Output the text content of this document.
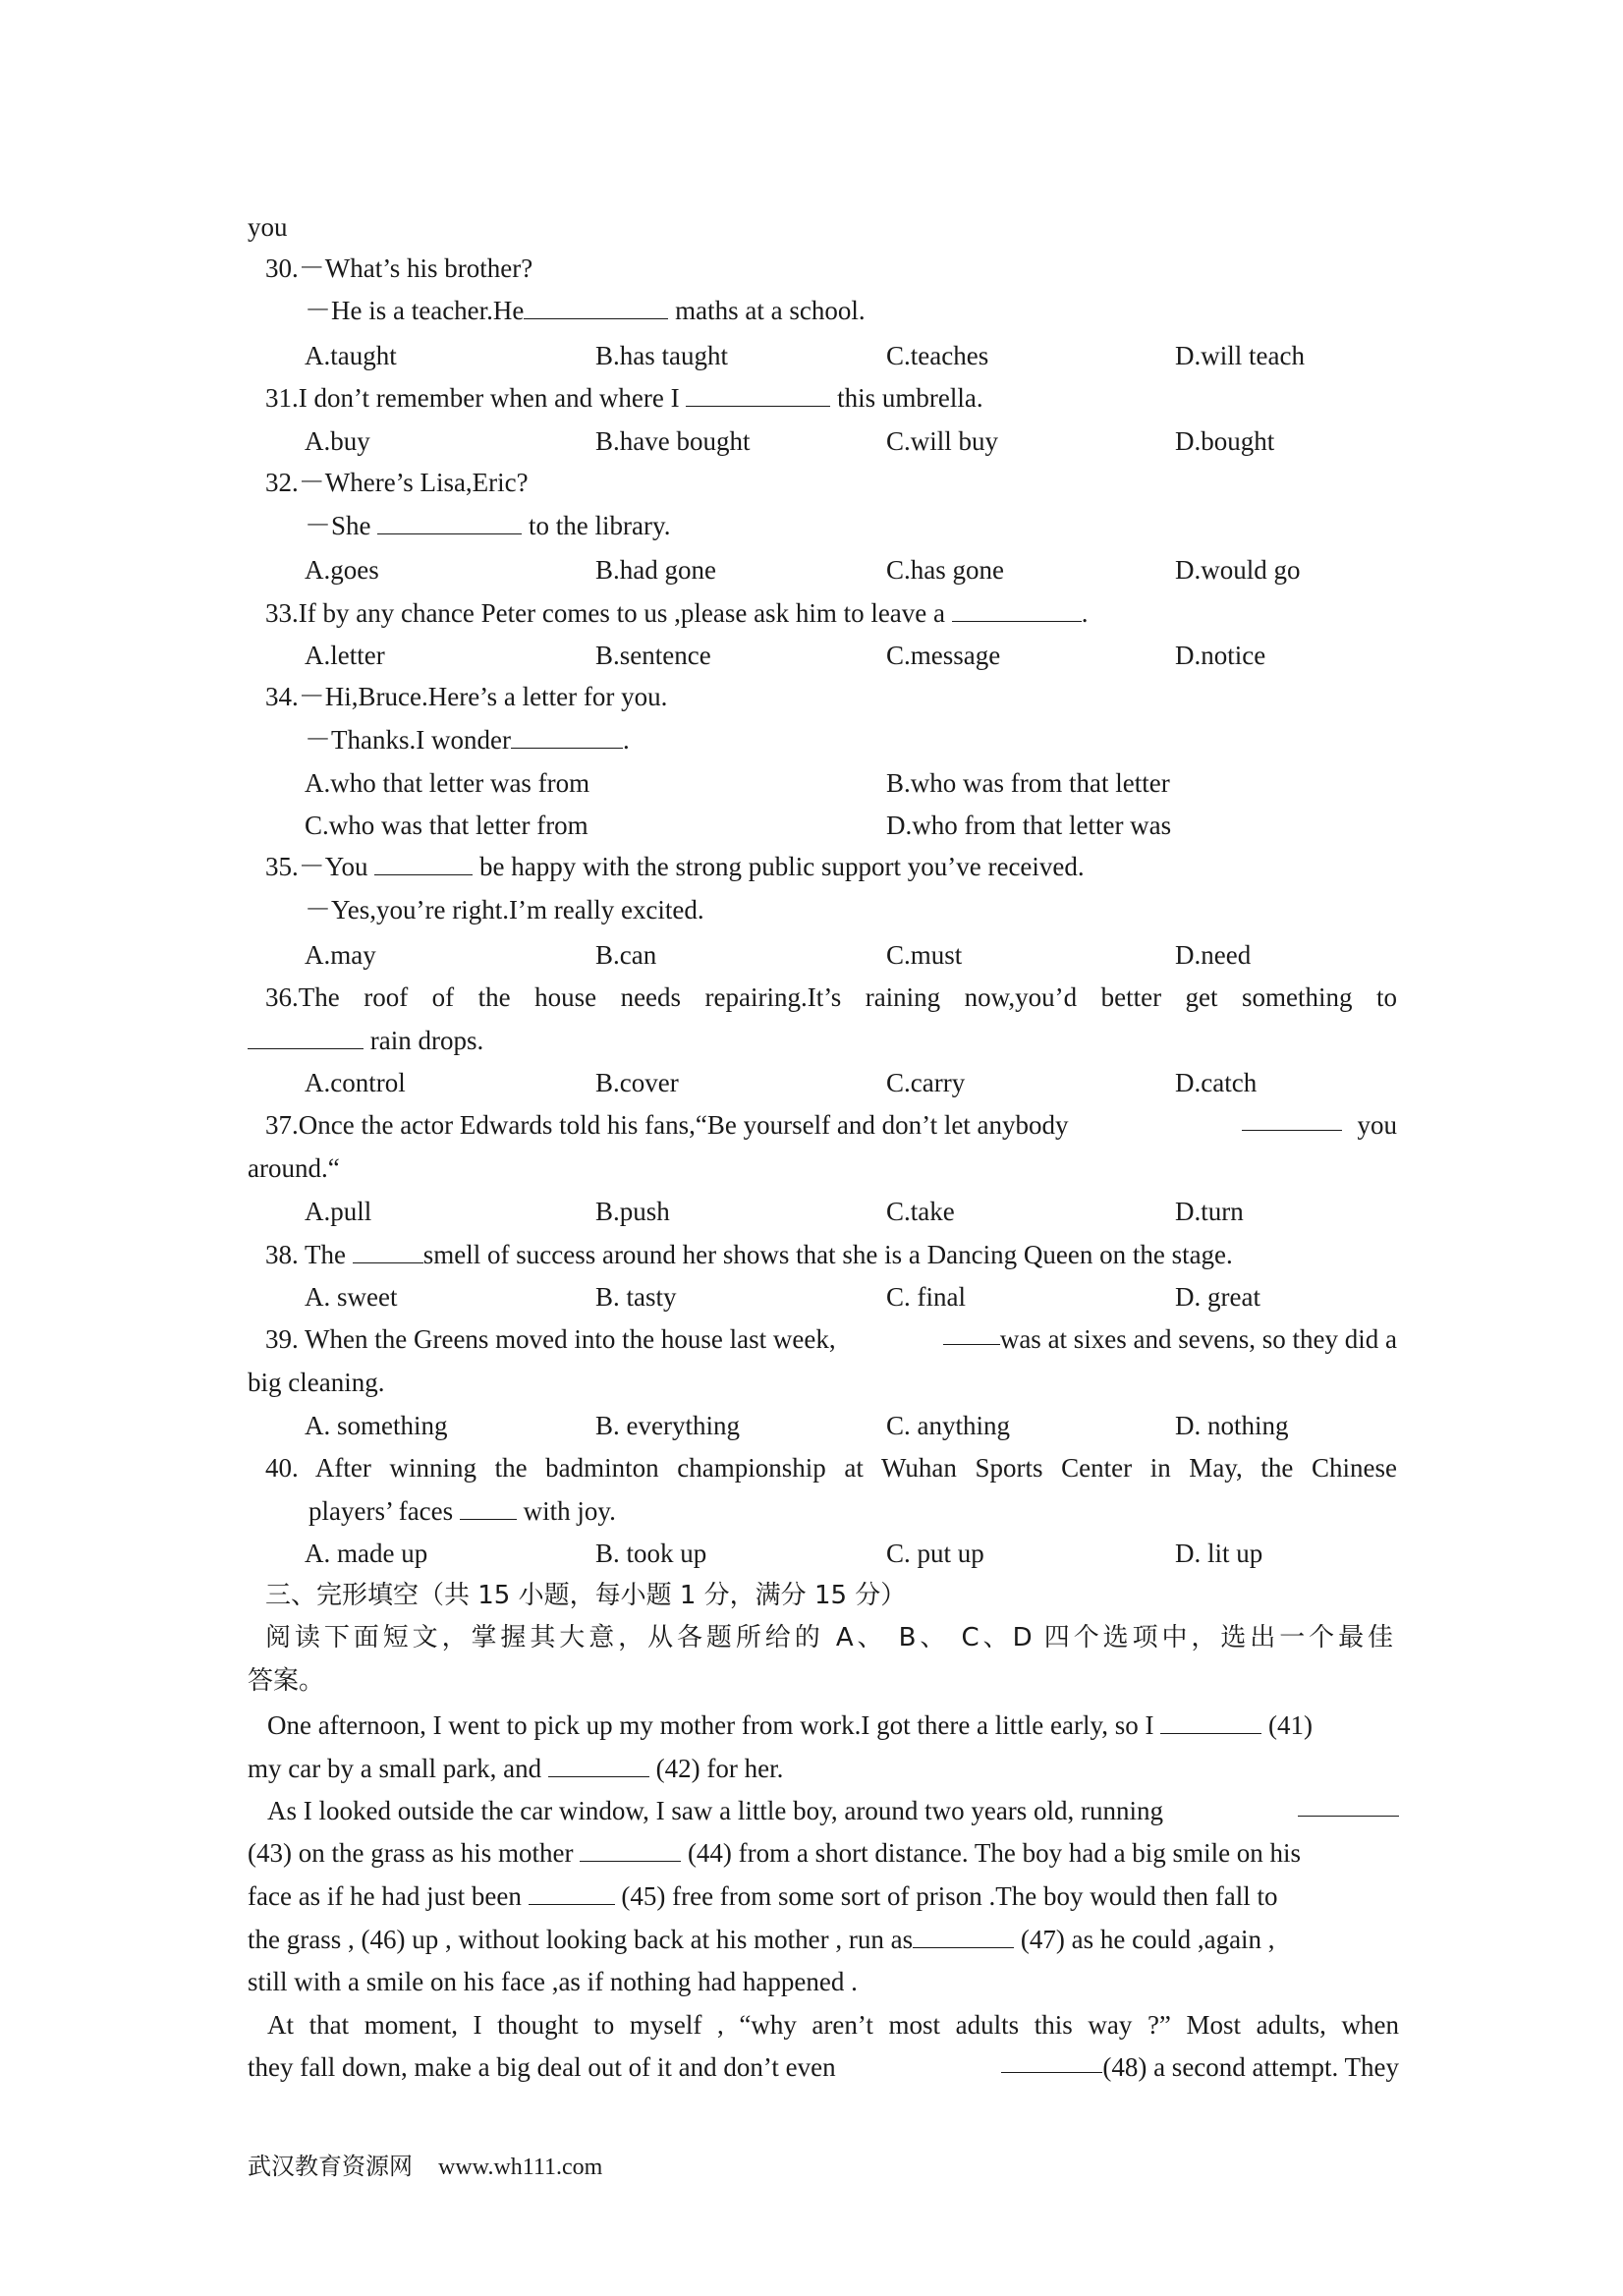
you
30.－What’s his brother?
－He is a teacher.He	maths at a school.
A.taught	B.has taught	C.teaches	D.will teach
31.I don’t remember when and where I	this umbrella.
A.buy	B.have bought	C.will buy	D.bought
32.－Where’s Lisa,Eric?
－She	to the library.
A.goes	B.had gone	C.has gone	D.would go
33.If by any chance Peter comes to us ,please ask him to leave a	.
A.letter	B.sentence	C.message	D.notice
34.－Hi,Bruce.Here’s a letter for you.
－Thanks.I wonder	.
A.who that letter was from	B.who was from that letter
C.who was that letter from	D.who from that letter was
35.－You	be happy with the strong public support you’ve received.
－Yes,you’re right.I’m really excited.
A.may	B.can	C.must	D.need
36.The roof of the house needs repairing.It’s raining now,you’d better get something to
rain drops.
A.control	B.cover	C.carry	D.catch
37.Once the actor Edwards told his fans,“Be yourself and don’t let anybody	you
around.“
A.pull	B.push	C.take	D.turn
38. The	smell of success around her shows that she is a Dancing Queen on the stage.
A. sweet	B. tasty	C. final	D. great
39. When the Greens moved into the house last week,	was at sixes and sevens, so they did a
big cleaning.
A. something	B. everything	C. anything	D. nothing
40. After winning the badminton championship at Wuhan Sports Center in May, the Chinese
players’ faces  with joy.
A. made up	B. took up	C. put up	D. lit up
三、完形填空（共 15 小题，每小题 1 分，满分 15 分）
阅读下面短文，掌握其大意，从各题所给的 A、 B、 C、D 四个选项中，选出一个最佳
答案。
One afternoon, I went to pick up my mother from work.I got there a little early, so I	(41)
my car by a small park, and	(42) for her.
As I looked outside the car window, I saw a little boy, around two years old, running
(43) on the grass as his mother	(44) from a short distance. The boy had a big smile on his
face as if he had just been	(45) free from some sort of prison .The boy would then fall to
the grass , (46) up , without looking back at his mother , run as	(47) as he could ,again ,
still with a smile on his face ,as if nothing had happened .
At that moment, I thought to myself , “why aren’t most adults this way ?” Most adults, when
they fall down, make a big deal out of it and don’t even	(48) a second attempt. They
武汉教育资源网 www.wh111.com
